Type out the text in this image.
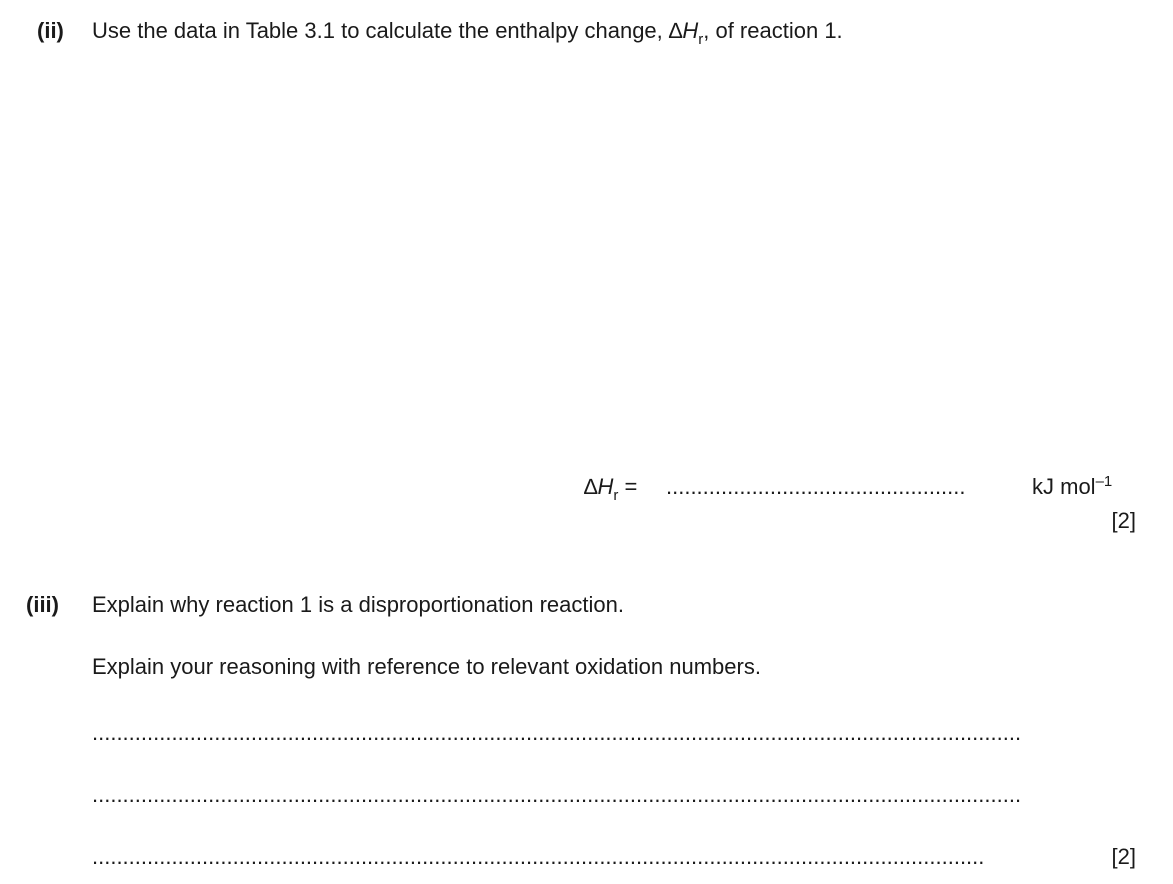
(ii) Use the data in Table 3.1 to calculate the enthalpy change, $\Delta H_r$, of reaction 1.
$\Delta H_r$ = .................................................	kJ mol$^{-1}$
[2]
(iii) Explain why reaction 1 is a disproportionation reaction.
Explain your reasoning with reference to relevant oxidation numbers.
........................................................................................................................................................
........................................................................................................................................................
..................................................................................................................................................	[2]
